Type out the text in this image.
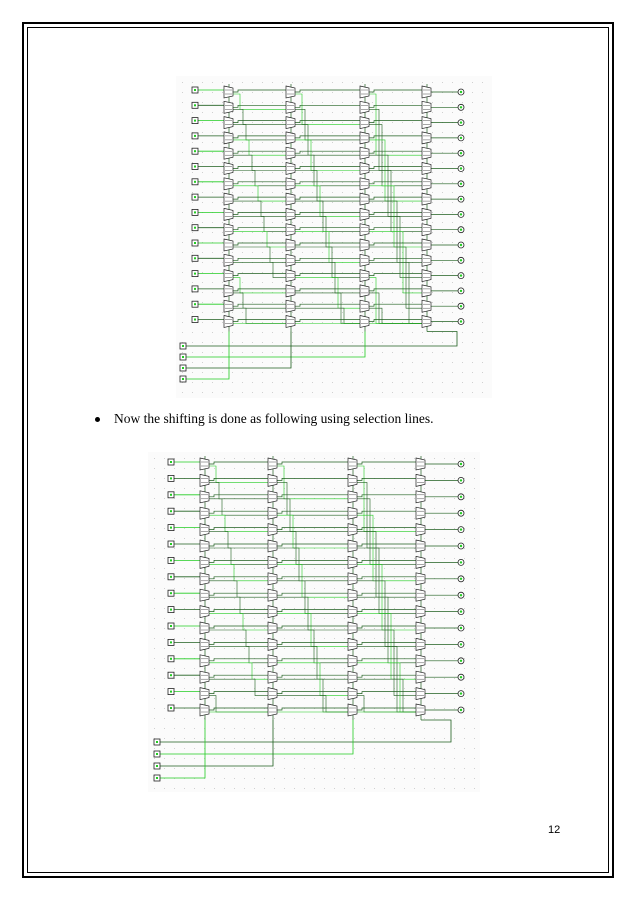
Now the shifting is done as following using selection lines.
12
